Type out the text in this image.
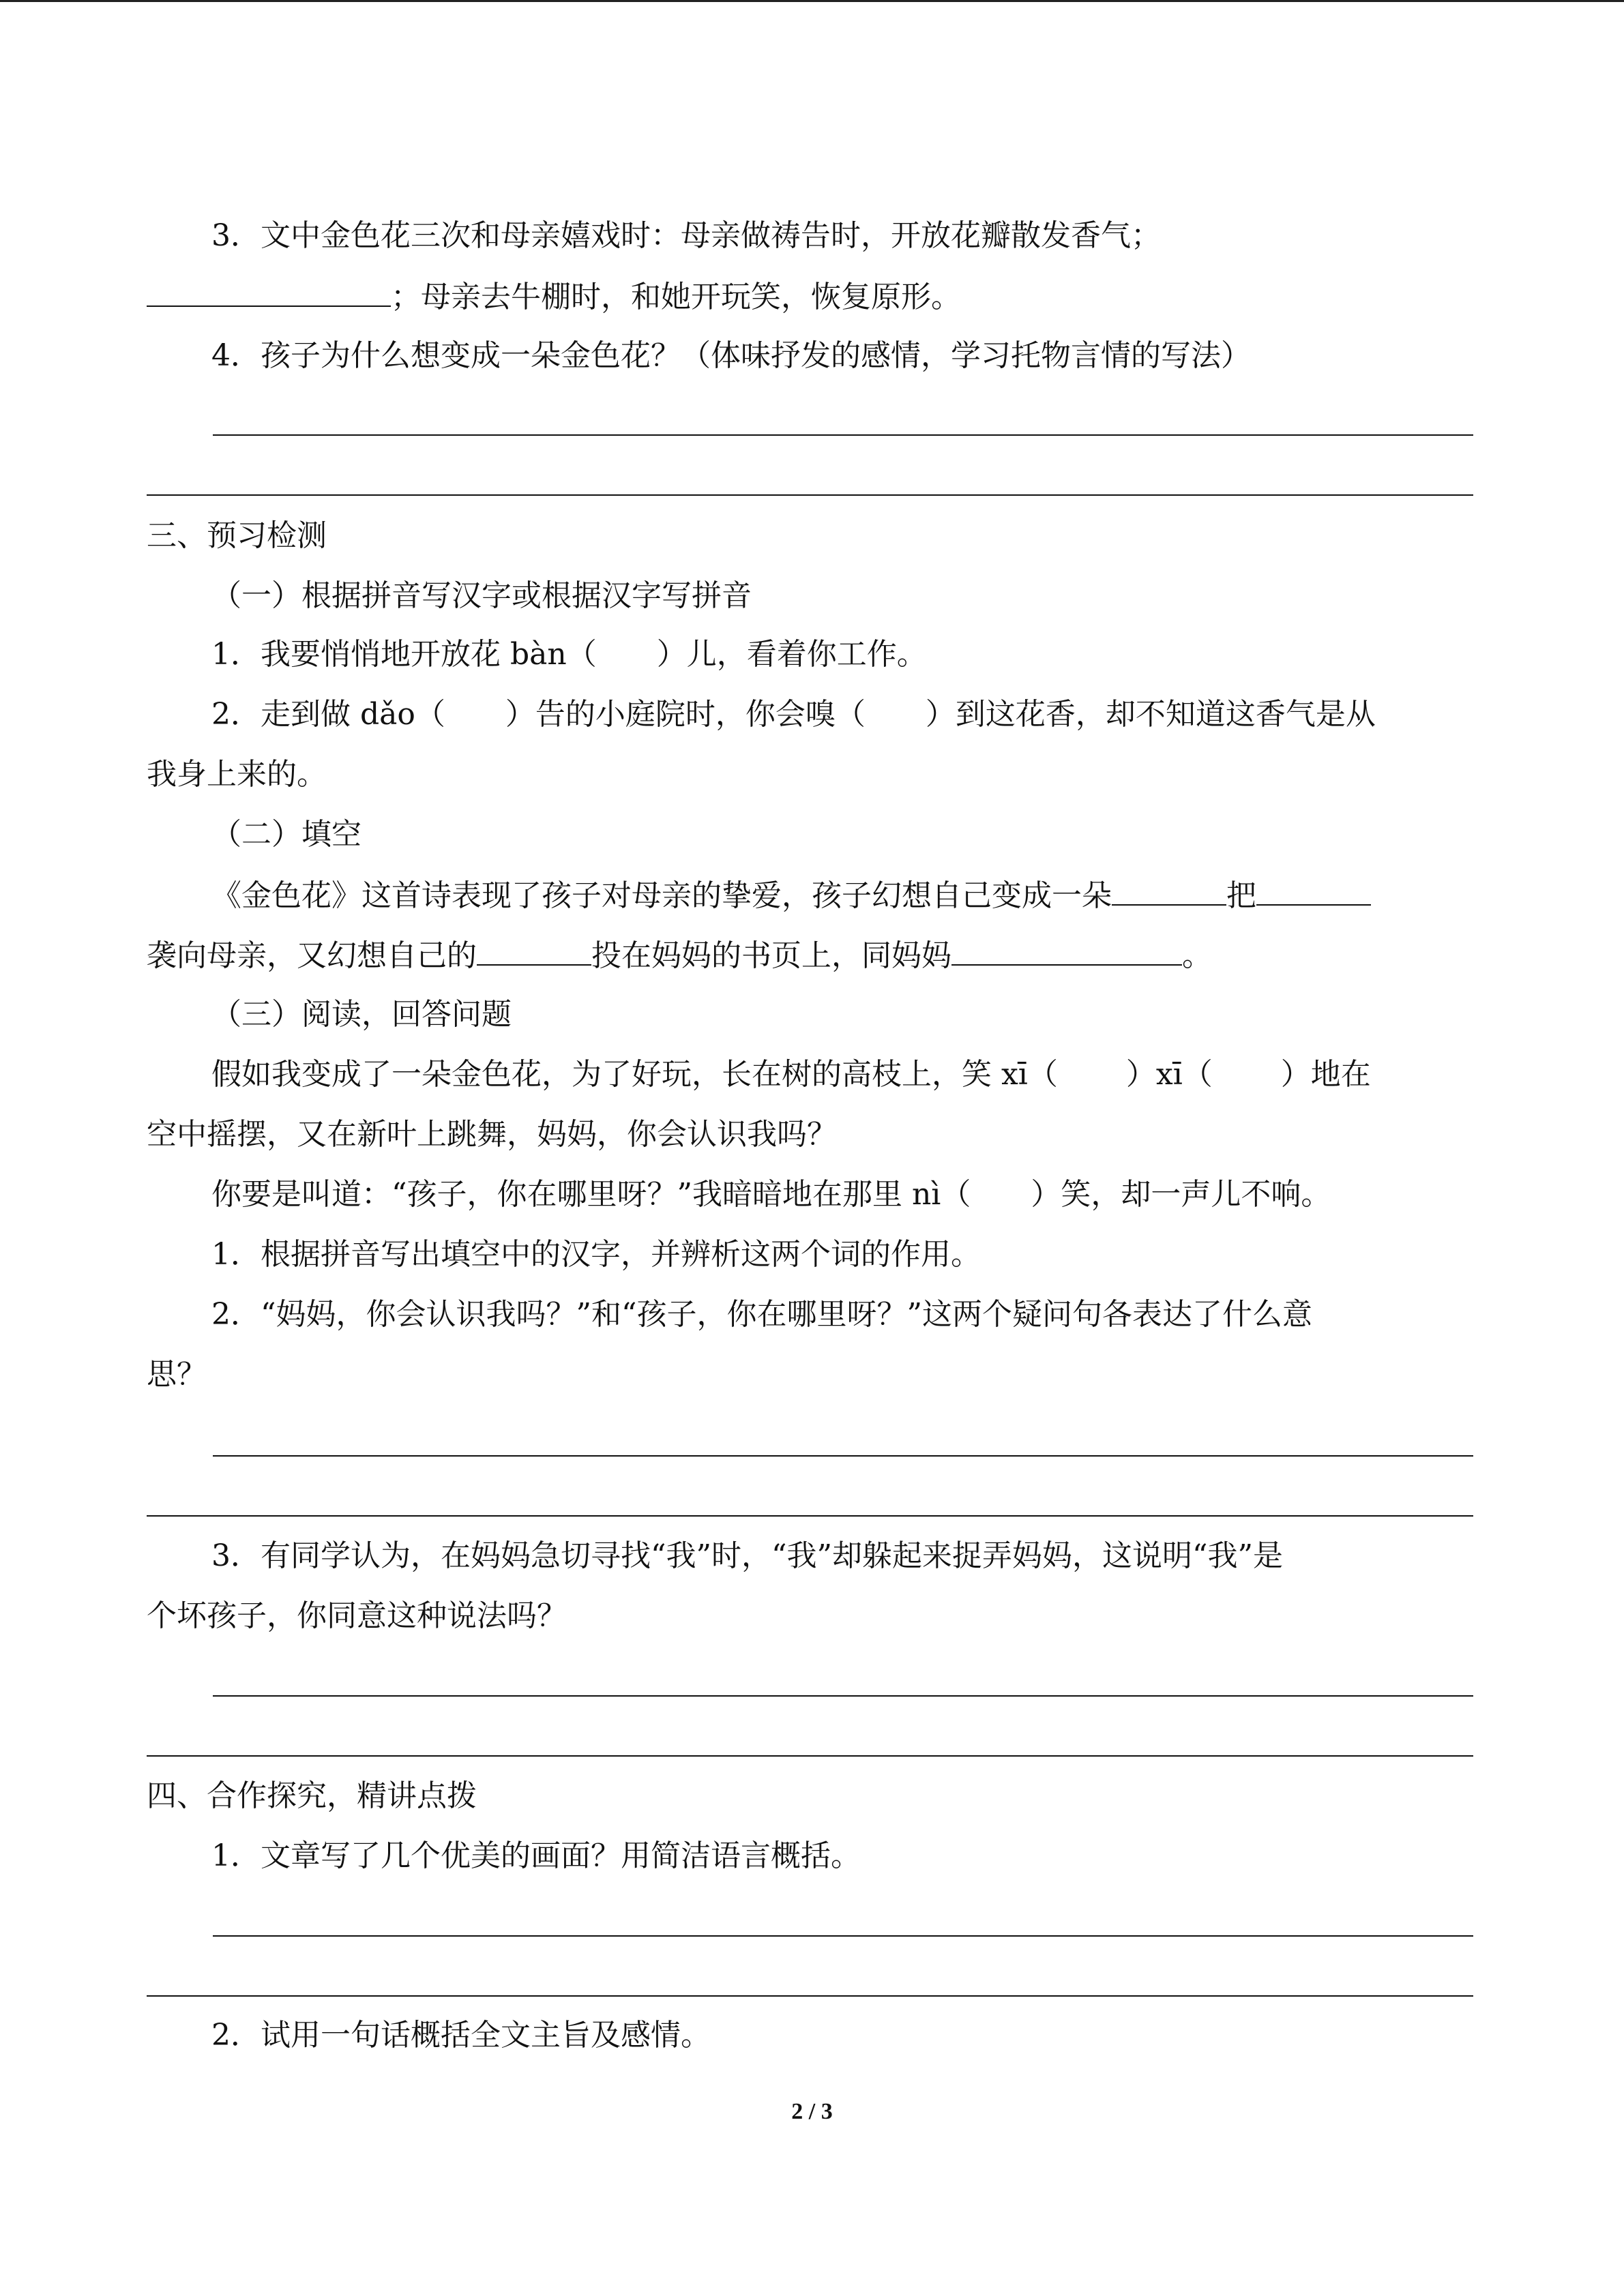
3．文中金色花三次和母亲嬉戏时：母亲做祷告时，开放花瓣散发香气；
；母亲去牛棚时，和她开玩笑，恢复原形。
4．孩子为什么想变成一朵金色花？（体味抒发的感情，学习托物言情的写法）
三、预习检测
（一）根据拼音写汉字或根据汉字写拼音
1．我要悄悄地开放花 bàn（ ）儿，看着你工作。
2．走到做 dǎo（ ）告的小庭院时，你会嗅（ ）到这花香，却不知道这香气是从
我身上来的。
（二）填空
《金色花》这首诗表现了孩子对母亲的挚爱，孩子幻想自己变成一朵	把
袭向母亲，又幻想自己的	投在妈妈的书页上，同妈妈	。
（三）阅读，回答问题
假如我变成了一朵金色花，为了好玩，长在树的高枝上，笑 xī（ ）xī（ ）地在
空中摇摆，又在新叶上跳舞，妈妈，你会认识我吗？
你要是叫道：“孩子，你在哪里呀？”我暗暗地在那里 nì（ ）笑，却一声儿不响。
1．根据拼音写出填空中的汉字，并辨析这两个词的作用。
2．“妈妈，你会认识我吗？”和“孩子，你在哪里呀？”这两个疑问句各表达了什么意
思？
3．有同学认为，在妈妈急切寻找“我”时，“我”却躲起来捉弄妈妈，这说明“我”是
个坏孩子，你同意这种说法吗？
四、合作探究，精讲点拨
1．文章写了几个优美的画面？用简洁语言概括。
2．试用一句话概括全文主旨及感情。
2 / 3
